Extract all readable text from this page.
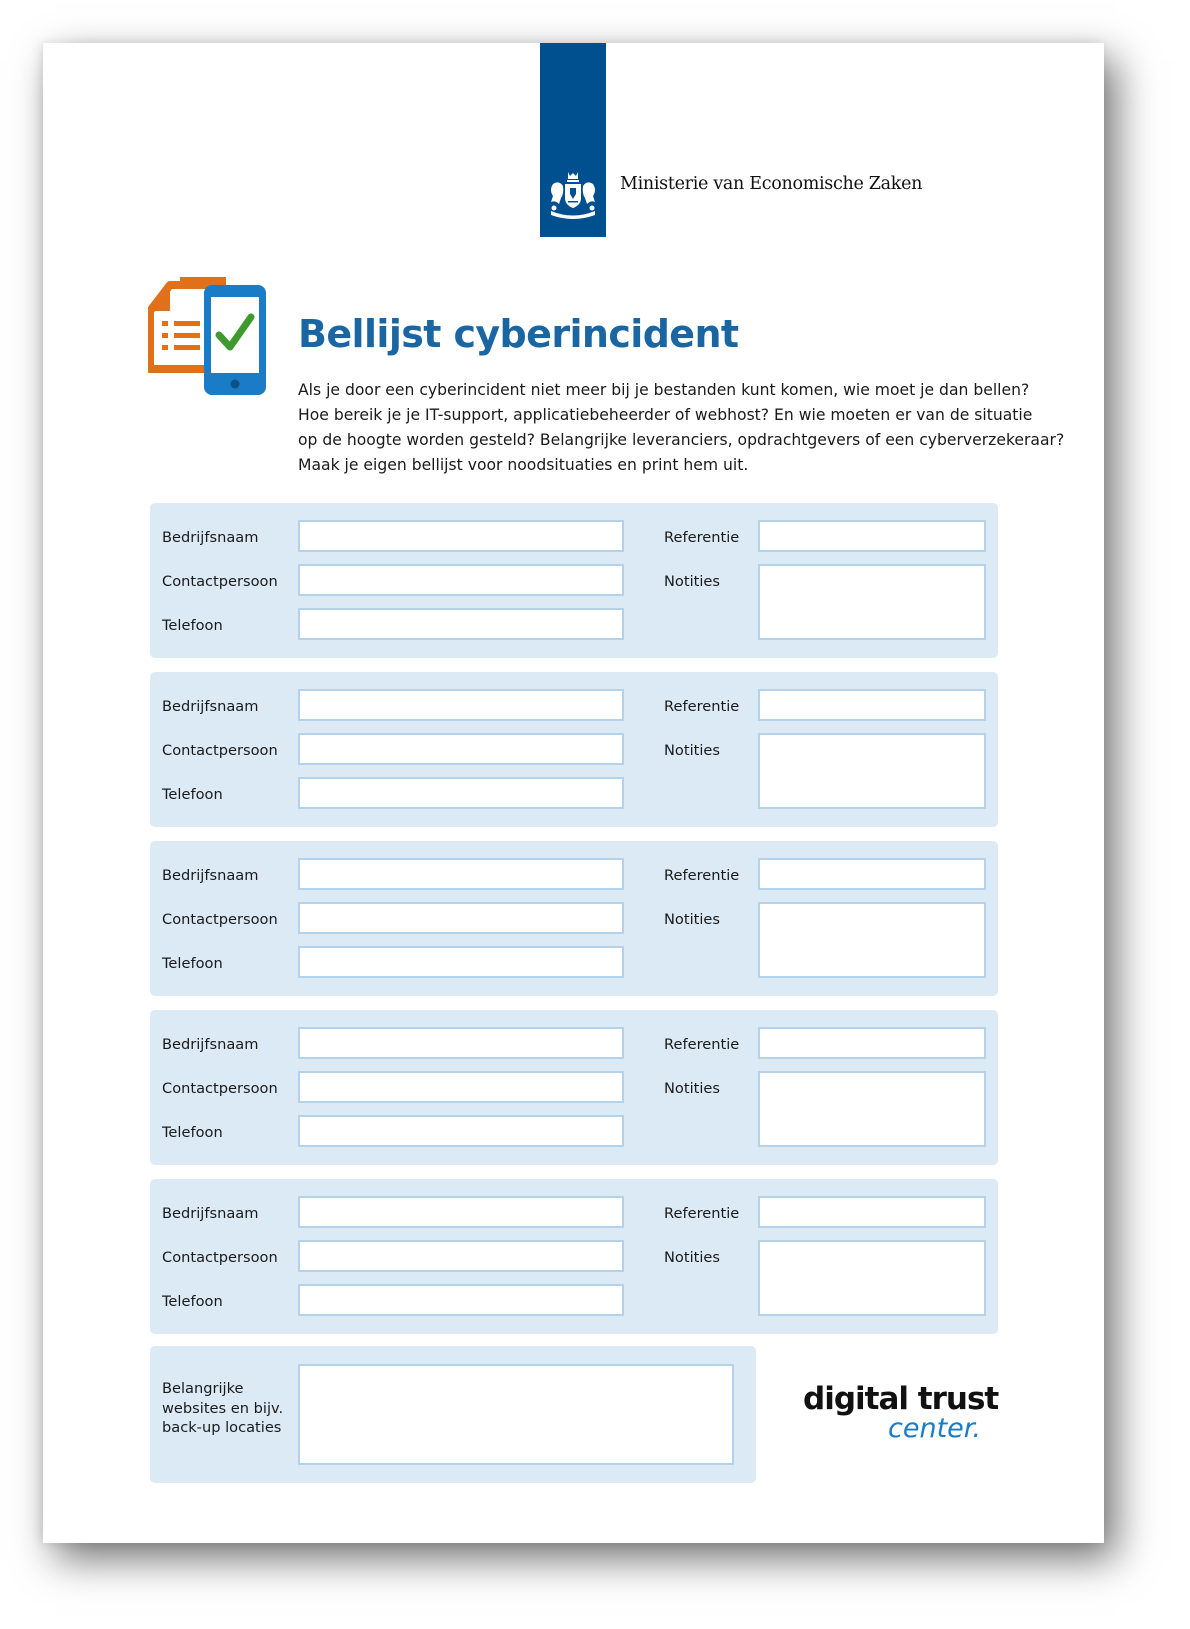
Ministerie van Economische Zaken
Bellijst cyberincident
Als je door een cyberincident niet meer bij je bestanden kunt komen, wie moet je dan bellen?
Hoe bereik je je IT-support, applicatiebeheerder of webhost? En wie moeten er van de situatie
op de hoogte worden gesteld? Belangrijke leveranciers, opdrachtgevers of een cyberverzekeraar?
Maak je eigen bellijst voor noodsituaties en print hem uit.
Bedrijfsnaam
Contactpersoon
Telefoon
Referentie
Notities
Bedrijfsnaam
Contactpersoon
Telefoon
Referentie
Notities
Bedrijfsnaam
Contactpersoon
Telefoon
Referentie
Notities
Bedrijfsnaam
Contactpersoon
Telefoon
Referentie
Notities
Bedrijfsnaam
Contactpersoon
Telefoon
Referentie
Notities
Belangrijke
websites en bijv.
back-up locaties
digital trust
center.
